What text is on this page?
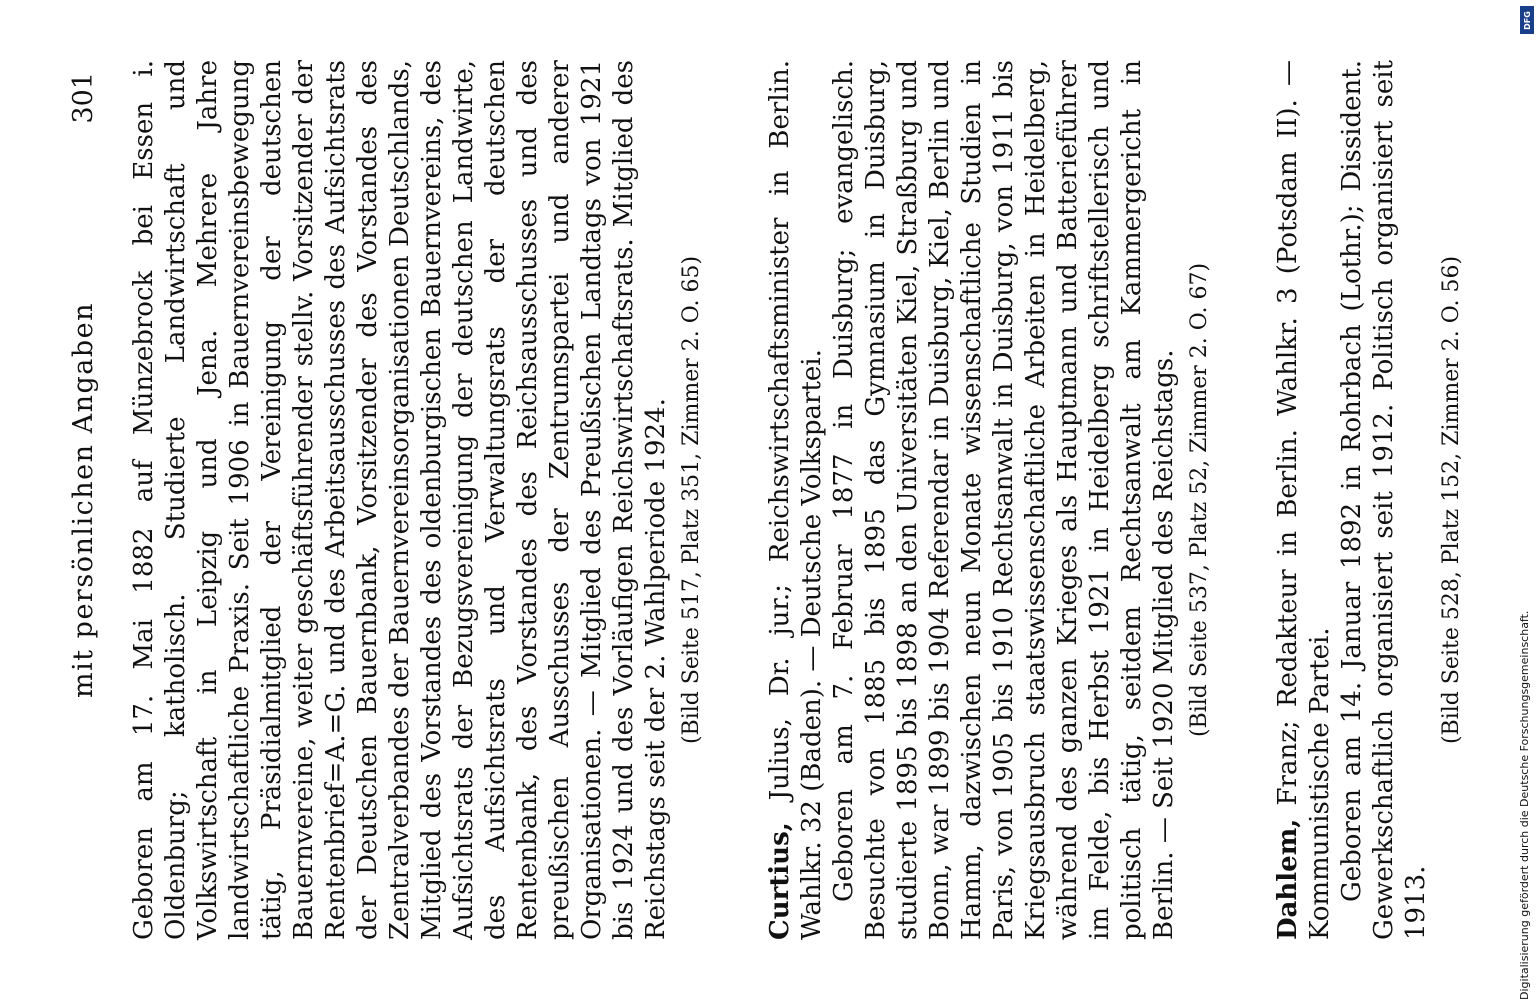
mit persönlichen Angaben
301 Geboren am 17. Mai 1882 auf Münzebrock bei Essen i. Oldenburg; katholisch. Studierte Landwirtschaft und Volkswirtschaft in Leipzig und Jena. Mehrere Jahre landwirtschaftliche Praxis. Seit 1906 in Bauernvereinsbewegung tätig, Präsidialmitglied der Vereinigung der deutschen Bauernvereine, weiter geschäftsführender stellv. Vorsitzender der Rentenbrief=A.=G. und des Arbeitsausschusses des Aufsichtsrats der Deutschen Bauernbank, Vorsitzender des Vorstandes des Zentralverbandes der Bauernvereinsorganisationen Deutschlands, Mitglied des Vorstandes des oldenburgischen Bauernvereins, des Aufsichtsrats der Bezugsvereinigung der deutschen Landwirte, des Aufsichtsrats und Verwaltungsrats der deutschen Rentenbank, des Vorstandes des Reichsausschusses und des preußischen Ausschusses der Zentrumspartei und anderer Organisationen. — Mitglied des Preußischen Landtags von 1921 bis 1924 und des Vorläufigen Reichswirtschaftsrats. Mitglied des Reichstags seit der 2. Wahlperiode 1924. (Bild Seite 517, Platz 351, Zimmer 2. O. 65)

Curtius, Julius, Dr. jur.; Reichswirtschaftsminister in Berlin. Wahlkr. 32 (Baden). — Deutsche Volkspartei. Geboren am 7. Februar 1877 in Duisburg; evangelisch. Besuchte von 1885 bis 1895 das Gymnasium in Duisburg, studierte 1895 bis 1898 an den Universitäten Kiel, Straßburg und Bonn, war 1899 bis 1904 Referendar in Duisburg, Kiel, Berlin und Hamm, dazwischen neun Monate wissenschaftliche Studien in Paris, von 1905 bis 1910 Rechtsanwalt in Duisburg, von 1911 bis Kriegsausbruch staatswissenschaftliche Arbeiten in Heidelberg, während des ganzen Krieges als Hauptmann und Batterieführer im Felde, bis Herbst 1921 in Heidelberg schriftstellerisch und politisch tätig, seitdem Rechtsanwalt am Kammergericht in Berlin. — Seit 1920 Mitglied des Reichstags. (Bild Seite 537, Platz 52, Zimmer 2. O. 67)

Dahlem, Franz; Redakteur in Berlin. Wahlkr. 3 (Potsdam II). — Kommunistische Partei. Geboren am 14. Januar 1892 in Rohrbach (Lothr.); Dissident. Gewerkschaftlich organisiert seit 1912. Politisch organisiert seit 1913.

(Bild Seite 528, Platz 152, Zimmer 2. O. 56)

DFG
Digitalisierung gefördert durch die Deutsche Forschungsgemeinschaft.
